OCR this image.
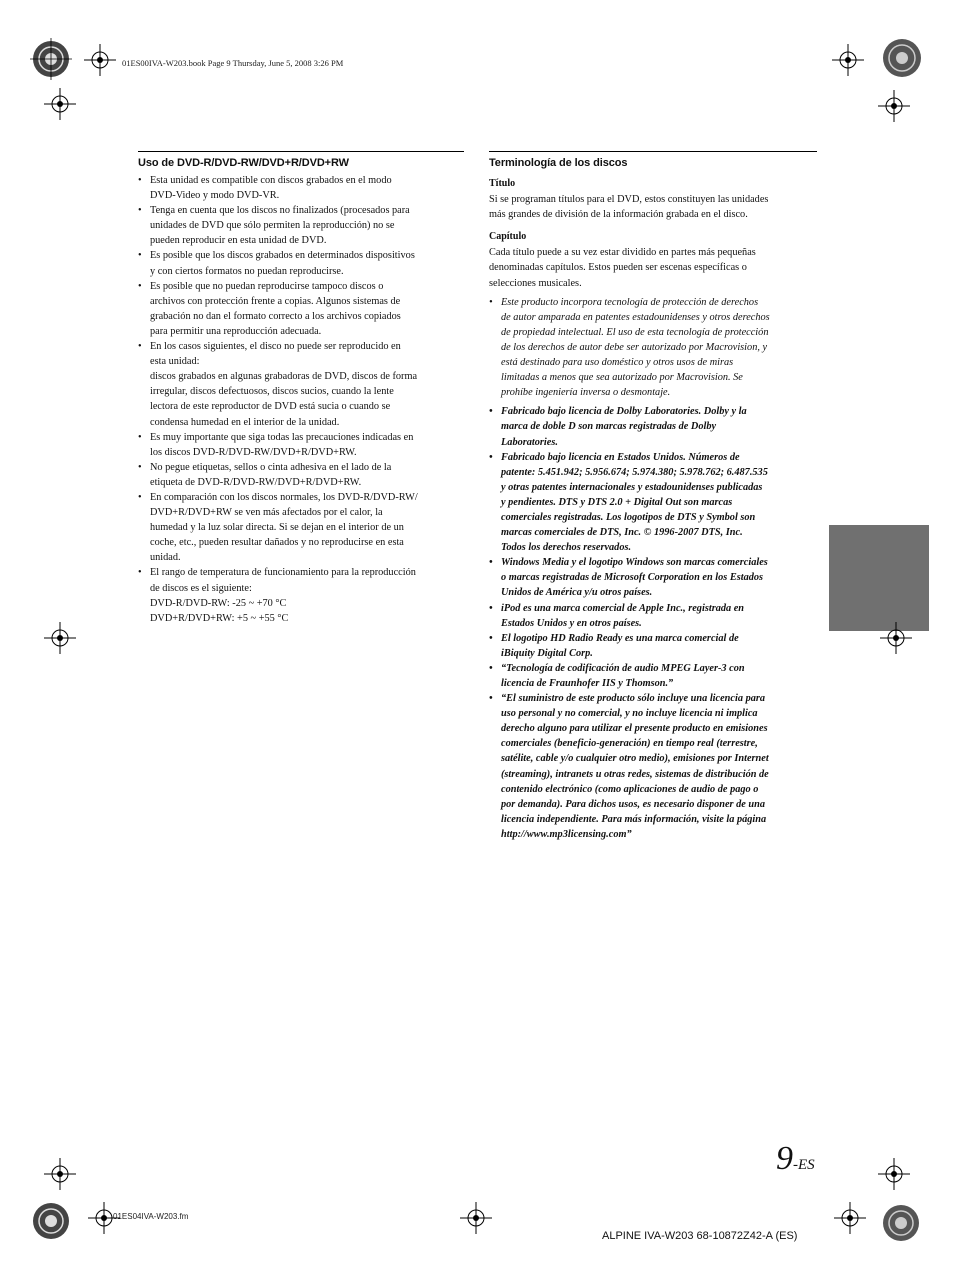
01ES00IVA-W203.book Page 9 Thursday, June 5, 2008 3:26 PM
Uso de DVD-R/DVD-RW/DVD+R/DVD+RW
• Esta unidad es compatible con discos grabados en el modo
DVD-Video y modo DVD-VR.
• Tenga en cuenta que los discos no finalizados (procesados para
unidades de DVD que sólo permiten la reproducción) no se
pueden reproducir en esta unidad de DVD.
• Es posible que los discos grabados en determinados dispositivos
y con ciertos formatos no puedan reproducirse.
• Es posible que no puedan reproducirse tampoco discos o
archivos con protección frente a copias. Algunos sistemas de
grabación no dan el formato correcto a los archivos copiados
para permitir una reproducción adecuada.
• En los casos siguientes, el disco no puede ser reproducido en
esta unidad:
discos grabados en algunas grabadoras de DVD, discos de forma
irregular, discos defectuosos, discos sucios, cuando la lente
lectora de este reproductor de DVD está sucia o cuando se
condensa humedad en el interior de la unidad.
• Es muy importante que siga todas las precauciones indicadas en
los discos DVD-R/DVD-RW/DVD+R/DVD+RW.
• No pegue etiquetas, sellos o cinta adhesiva en el lado de la
etiqueta de DVD-R/DVD-RW/DVD+R/DVD+RW.
• En comparación con los discos normales, los DVD-R/DVD-RW/
DVD+R/DVD+RW se ven más afectados por el calor, la
humedad y la luz solar directa. Si se dejan en el interior de un
coche, etc., pueden resultar dañados y no reproducirse en esta
unidad.
• El rango de temperatura de funcionamiento para la reproducción
de discos es el siguiente:
DVD-R/DVD-RW: -25 ~ +70 °C
DVD+R/DVD+RW: +5 ~ +55 °C
Terminología de los discos
Título
Si se programan títulos para el DVD, estos constituyen las unidades
más grandes de división de la información grabada en el disco.
Capítulo
Cada título puede a su vez estar dividido en partes más pequeñas
denominadas capítulos. Estos pueden ser escenas específicas o
selecciones musicales.
• Este producto incorpora tecnología de protección de derechos
de autor amparada en patentes estadounidenses y otros derechos
de propiedad intelectual. El uso de esta tecnología de protección
de los derechos de autor debe ser autorizado por Macrovision, y
está destinado para uso doméstico y otros usos de miras
limitadas a menos que sea autorizado por Macrovision. Se
prohíbe ingeniería inversa o desmontaje.
• Fabricado bajo licencia de Dolby Laboratories. Dolby y la
marca de doble D son marcas registradas de Dolby
Laboratories.
• Fabricado bajo licencia en Estados Unidos. Números de
patente: 5.451.942; 5.956.674; 5.974.380; 5.978.762; 6.487.535
y otras patentes internacionales y estadounidenses publicadas
y pendientes. DTS y DTS 2.0 + Digital Out son marcas
comerciales registradas. Los logotipos de DTS y Symbol son
marcas comerciales de DTS, Inc. © 1996-2007 DTS, Inc.
Todos los derechos reservados.
• Windows Media y el logotipo Windows son marcas comerciales
o marcas registradas de Microsoft Corporation en los Estados
Unidos de América y/u otros países.
• iPod es una marca comercial de Apple Inc., registrada en
Estados Unidos y en otros países.
• El logotipo HD Radio Ready es una marca comercial de
iBiquity Digital Corp.
• “Tecnología de codificación de audio MPEG Layer-3 con
licencia de Fraunhofer IIS y Thomson.”
• “El suministro de este producto sólo incluye una licencia para
uso personal y no comercial, y no incluye licencia ni implica
derecho alguno para utilizar el presente producto en emisiones
comerciales (beneficio-generación) en tiempo real (terrestre,
satélite, cable y/o cualquier otro medio), emisiones por Internet
(streaming), intranets u otras redes, sistemas de distribución de
contenido electrónico (como aplicaciones de audio de pago o
por demanda). Para dichos usos, es necesario disponer de una
licencia independiente. Para más información, visite la página
http://www.mp3licensing.com”
9-ES
01ES04IVA-W203.fm
ALPINE IVA-W203 68-10872Z42-A (ES)
